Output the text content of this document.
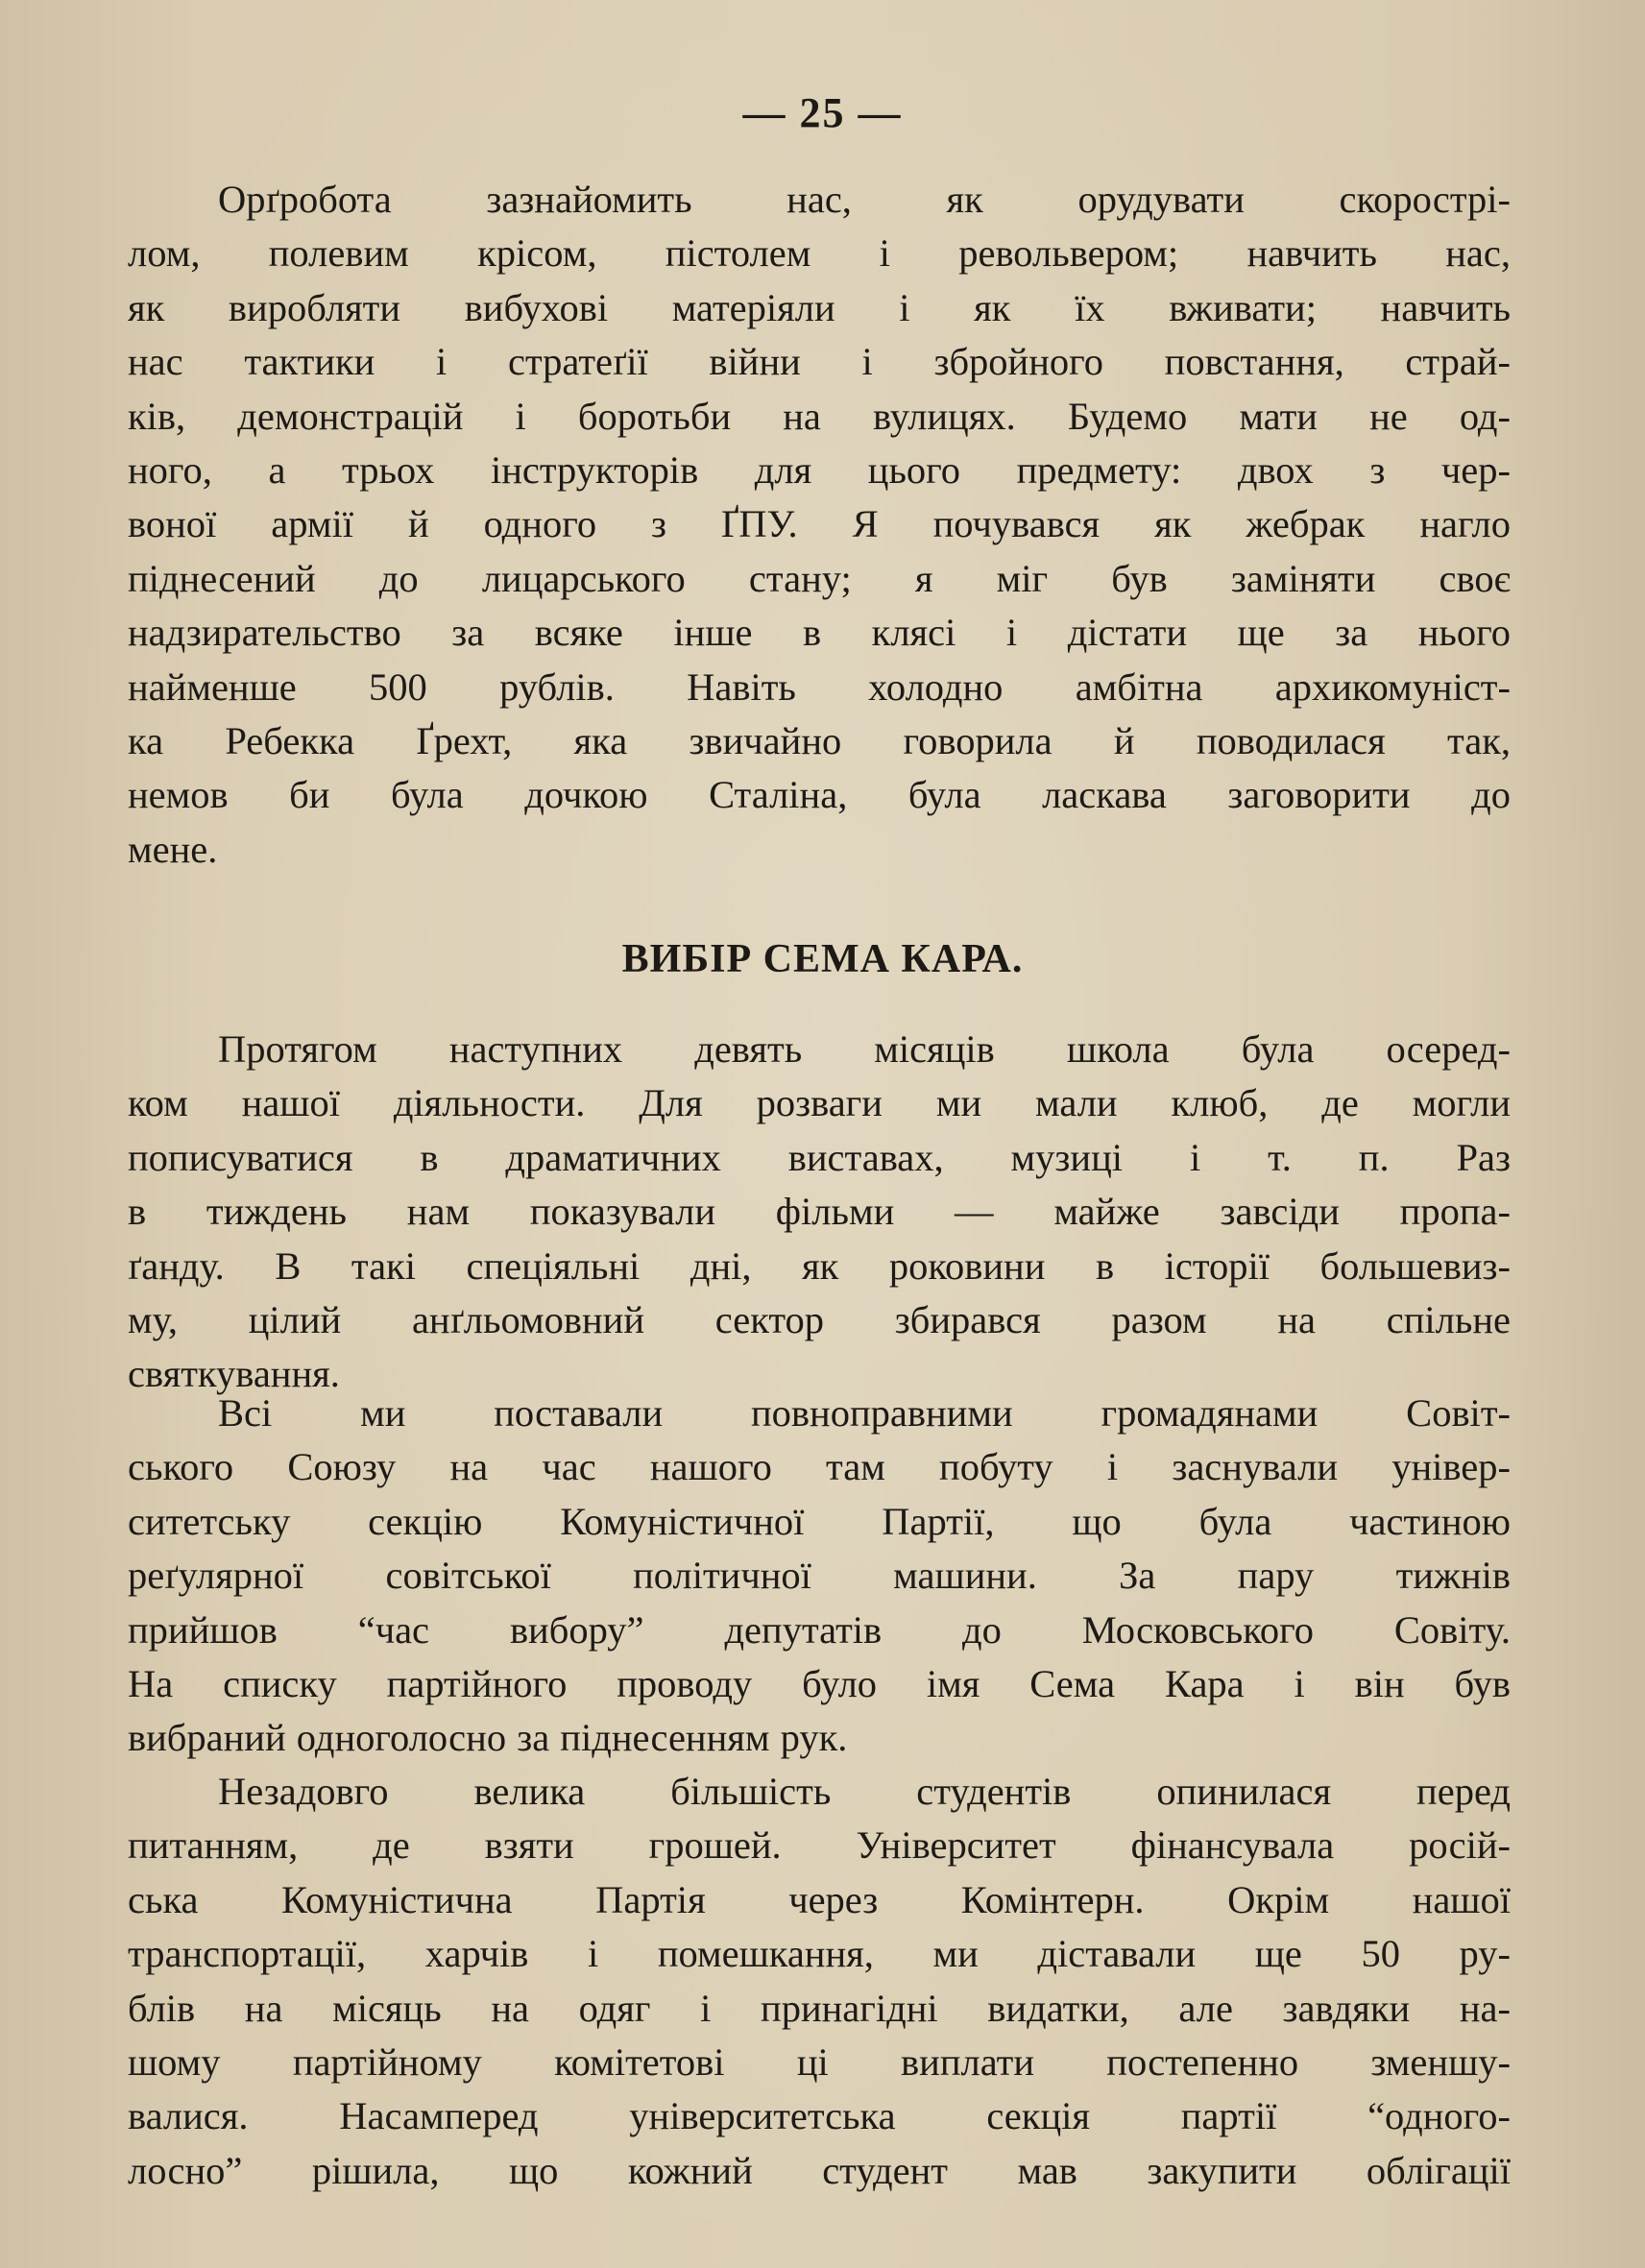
— 25 —

Орґробота зазнайомить нас, як орудувати скорострі-
лом, полевим крісом, пістолем і револьвером; навчить нас,
як виробляти вибухові матеріяли і як їх вживати; навчить
нас тактики і стратеґії війни і збройного повстання, страй-
ків, демонстрацій і боротьби на вулицях. Будемо мати не од-
ного, а трьох інструкторів для цього предмету: двох з чер-
воної армії й одного з ҐПУ. Я почувався як жебрак нагло
піднесений до лицарського стану; я міг був заміняти своє
надзирательство за всяке інше в клясі і дістати ще за нього
найменше 500 рублів. Навіть холодно амбітна архикомуніст-
ка Ребекка Ґрехт, яка звичайно говорила й поводилася так,
немов би була дочкою Сталіна, була ласкава заговорити до
мене.

ВИБІР СЕМА КАРА.

Протягом наступних девять місяців школа була осеред-
ком нашої діяльности. Для розваги ми мали клюб, де могли
пописуватися в драматичних виставах, музиці і т. п. Раз
в тиждень нам показували фільми — майже завсіди пропа-
ґанду. В такі спеціяльні дні, як роковини в історії большевиз-
му, цілий анґльомовний сектор збирався разом на спільне
святкування.

Всі ми поставали повноправними громадянами Совіт-
ського Союзу на час нашого там побуту і заснували універ-
ситетську секцію Комуністичної Партії, що була частиною
реґулярної совітської політичної машини. За пару тижнів
прийшов “час вибору” депутатів до Московського Совіту.
На списку партійного проводу було імя Сема Кара і він був
вибраний одноголосно за піднесенням рук.

Незадовго велика більшість студентів опинилася перед
питанням, де взяти грошей. Університет фінансувала росій-
ська Комуністична Партія через Комінтерн. Окрім нашої
транспортації, харчів і помешкання, ми діставали ще 50 ру-
блів на місяць на одяг і принагідні видатки, але завдяки на-
шому партійному комітетові ці виплати постепенно зменшу-
валися. Насамперед університетська секція партії “одного-
лосно” рішила, що кожний студент мав закупити облігації
